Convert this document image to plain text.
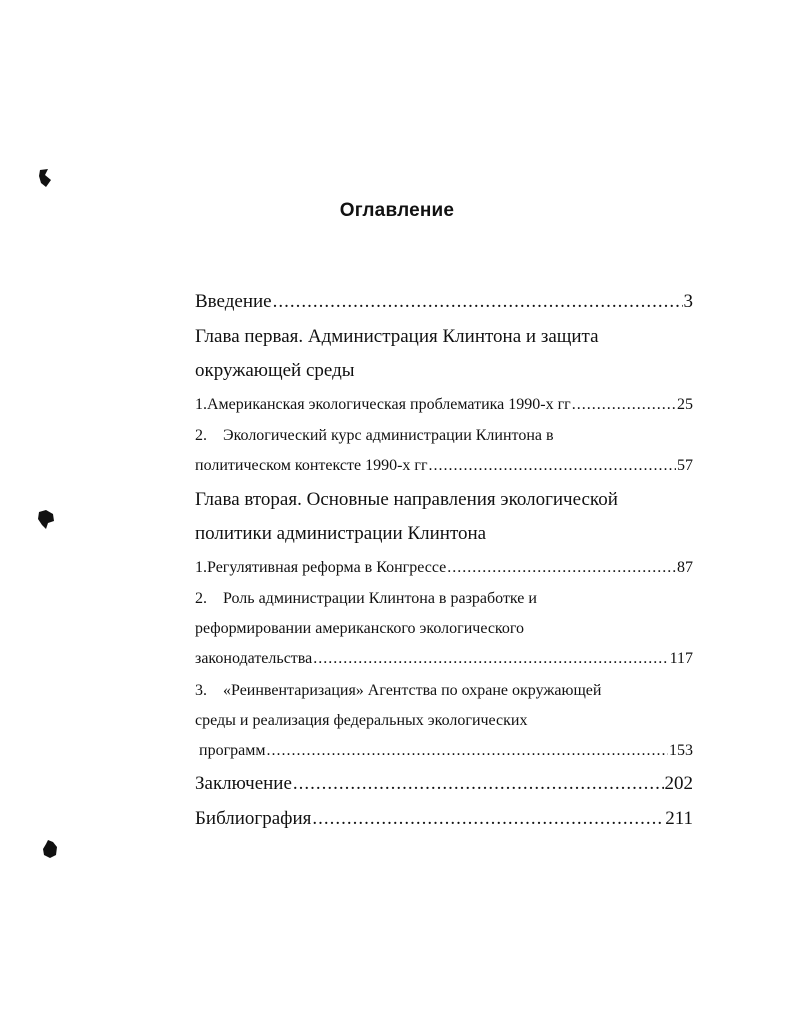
Оглавление
Введение .....	3
Глава первая. Администрация Клинтона и защита
окружающей среды
1. Американская экологическая проблематика 1990-х гг .....	25
2.	Экологический курс администрации Клинтона в
политическом контексте 1990-х гг .....	57
Глава вторая. Основные направления экологической
политики администрации Клинтона
1. Регулятивная реформа в Конгрессе .....	87
2.	Роль администрации Клинтона в разработке и
реформировании американского экологического
законодательства .....	117
3.	«Реинвентаризация» Агентства по охране окружающей
среды и реализация федеральных экологических
программ .....	153
Заключение .....	202
Библиография .....	211
